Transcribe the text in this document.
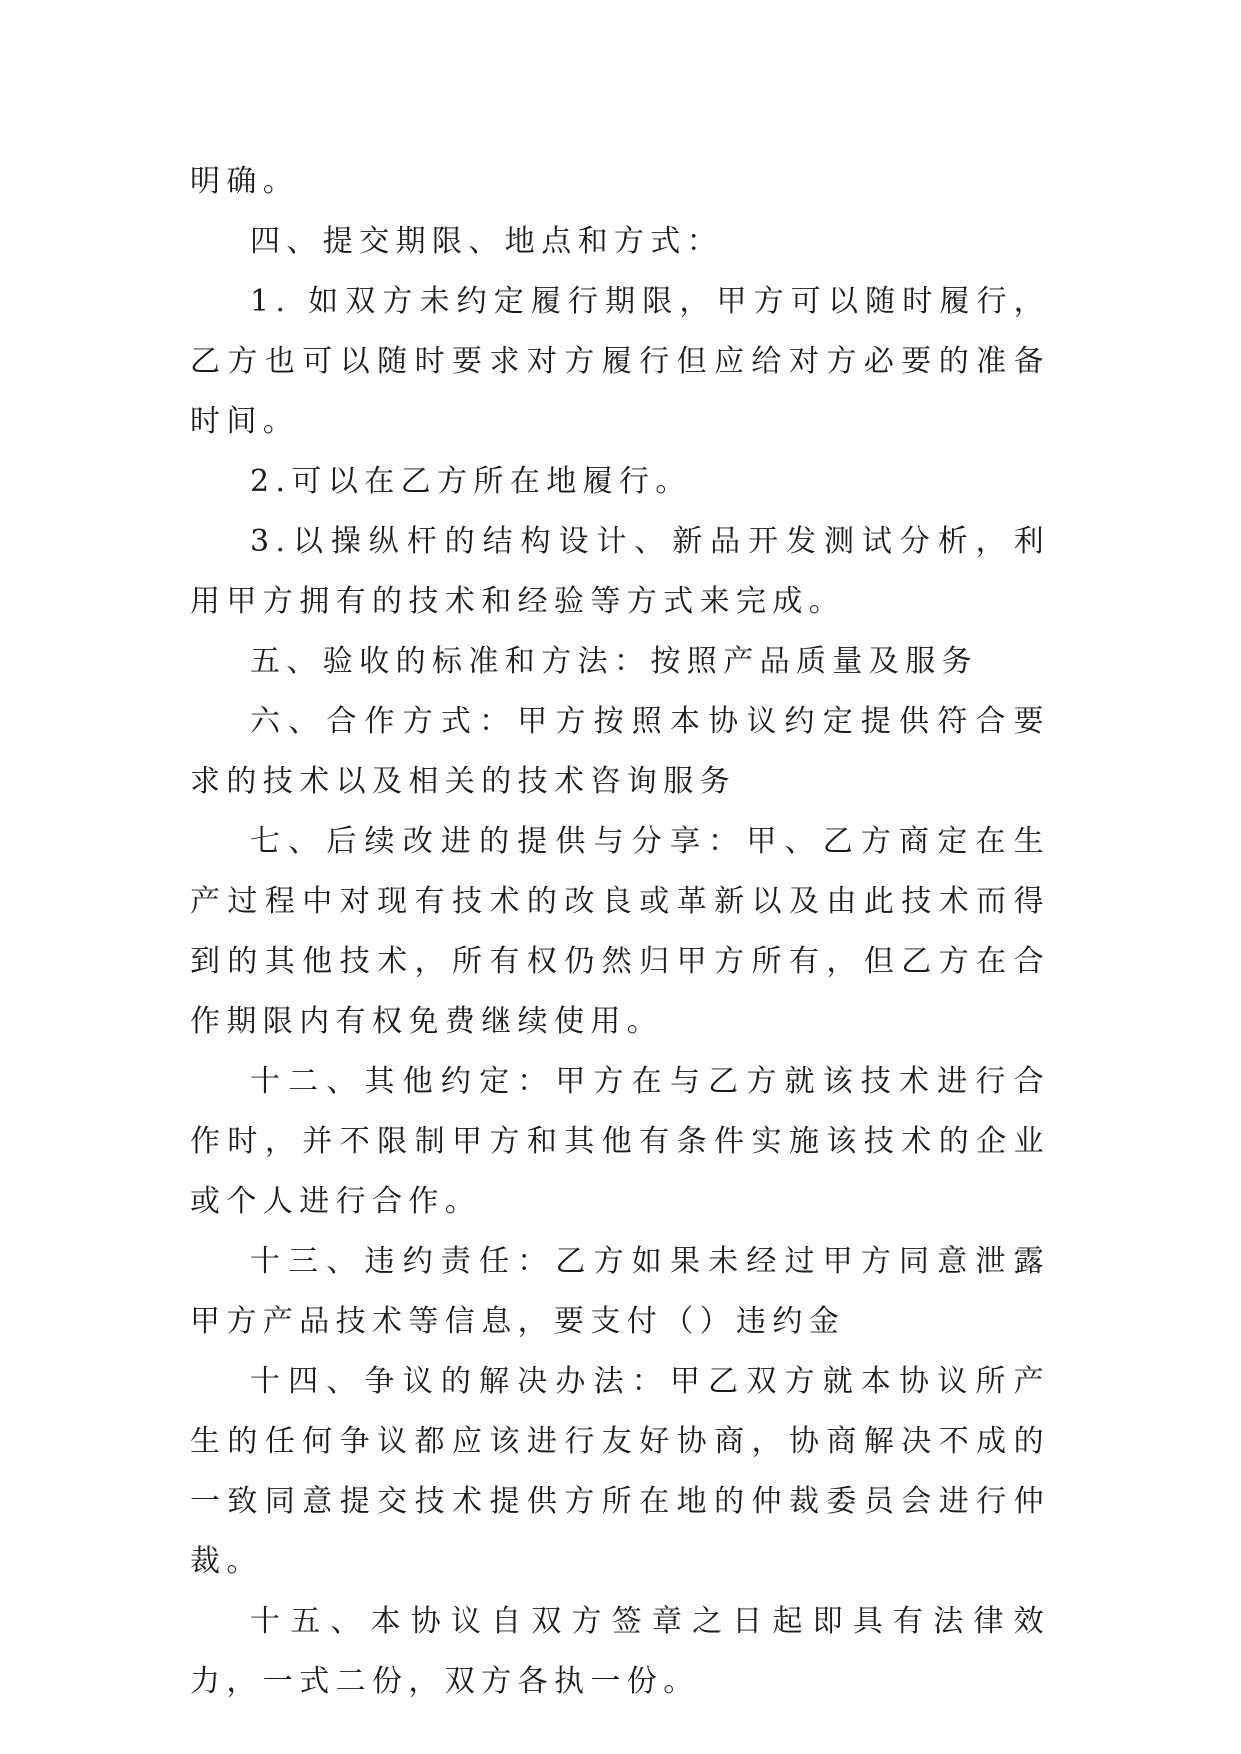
明确。

四、提交期限、地点和方式：

1. 如双方未约定履行期限，甲方可以随时履行，乙方也可以随时要求对方履行但应给对方必要的准备时间。

2.可以在乙方所在地履行。

3.以操纵杆的结构设计、新品开发测试分析，利用甲方拥有的技术和经验等方式来完成。

五、验收的标准和方法：按照产品质量及服务

六、合作方式：甲方按照本协议约定提供符合要求的技术以及相关的技术咨询服务

七、后续改进的提供与分享：甲、乙方商定在生产过程中对现有技术的改良或革新以及由此技术而得到的其他技术，所有权仍然归甲方所有，但乙方在合作期限内有权免费继续使用。

十二、其他约定：甲方在与乙方就该技术进行合作时，并不限制甲方和其他有条件实施该技术的企业或个人进行合作。

十三、违约责任：乙方如果未经过甲方同意泄露甲方产品技术等信息，要支付（）违约金

十四、争议的解决办法：甲乙双方就本协议所产生的任何争议都应该进行友好协商，协商解决不成的一致同意提交技术提供方所在地的仲裁委员会进行仲裁。

十五、本协议自双方签章之日起即具有法律效力，一式二份，双方各执一份。
